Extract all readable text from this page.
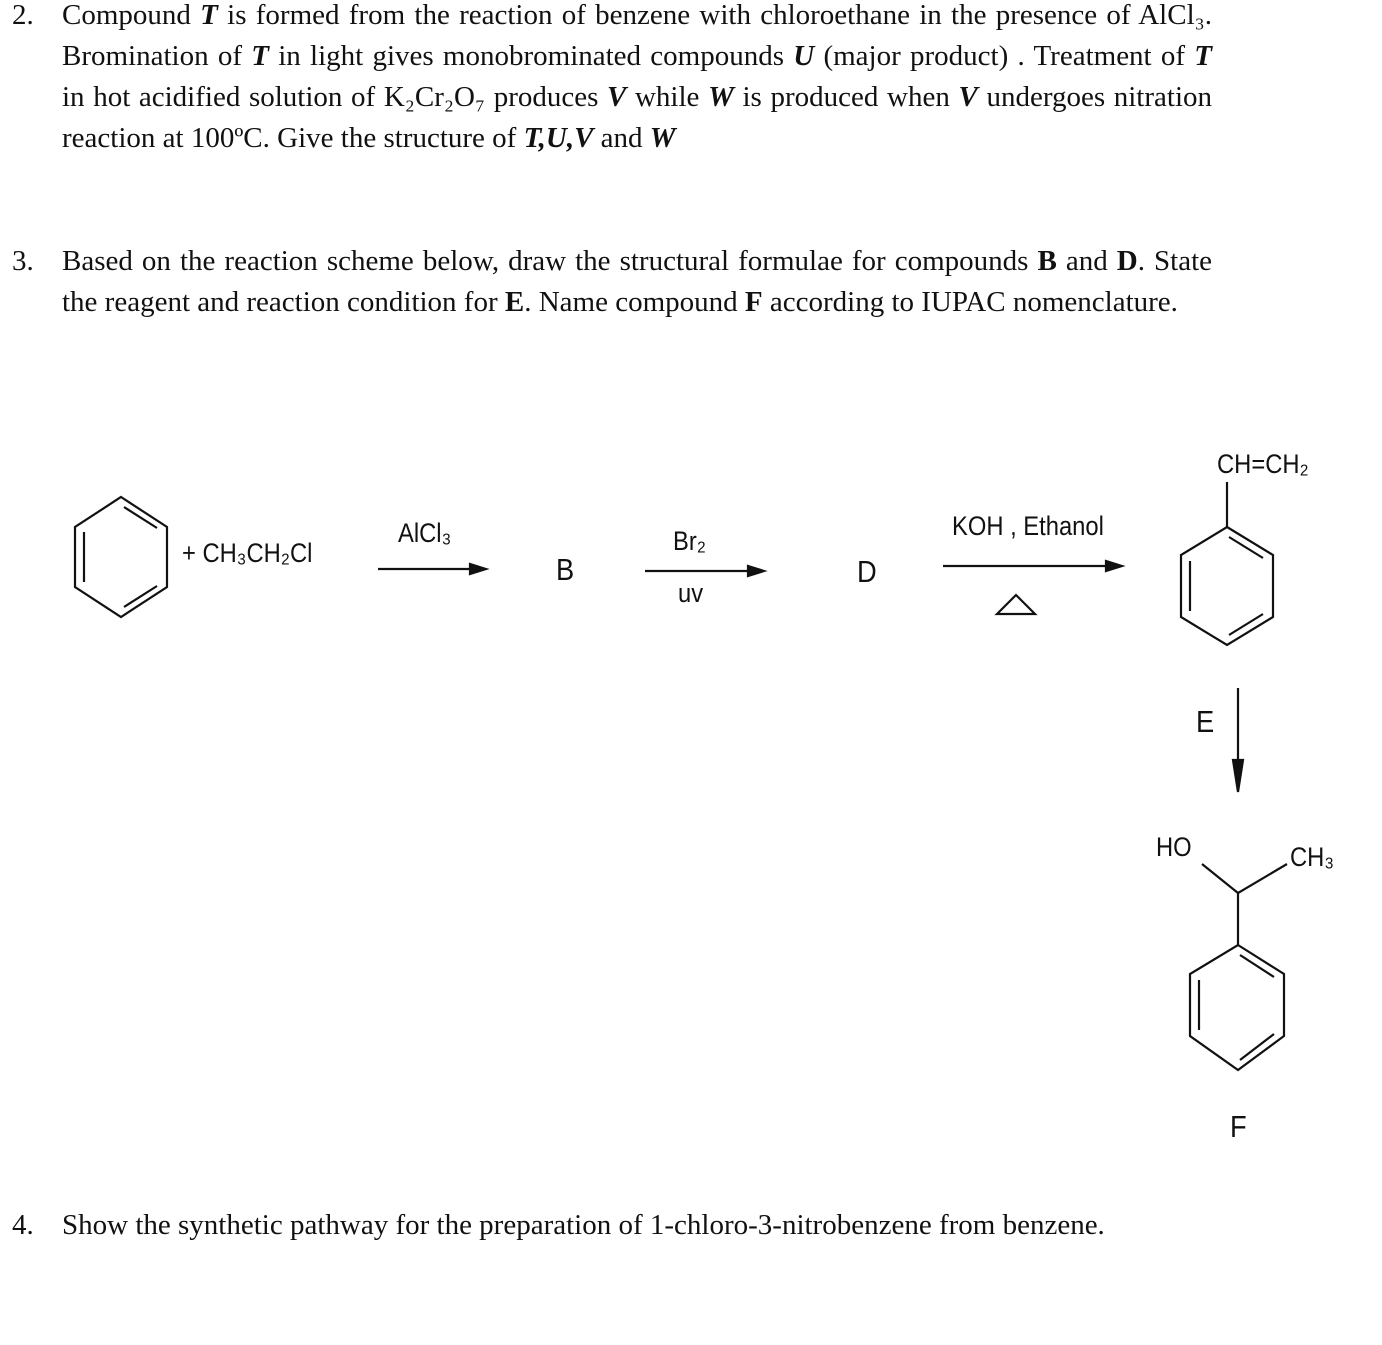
2. Compound T is formed from the reaction of benzene with chloroethane in the presence of AlCl₃. Bromination of T in light gives monobrominated compounds U (major product) . Treatment of T in hot acidified solution of K₂Cr₂O₇ produces V while W is produced when V undergoes nitration reaction at 100ºC. Give the structure of T,U,V and W
3. Based on the reaction scheme below, draw the structural formulae for compounds B and D. State the reagent and reaction condition for E. Name compound F according to IUPAC nomenclature.
+ CH₃CH₂Cl
AlCl₃
B
Br₂
uv
D
KOH , Ethanol
CH=CH₂
E
HO	CH₃
F
4. Show the synthetic pathway for the preparation of 1-chloro-3-nitrobenzene from benzene.
